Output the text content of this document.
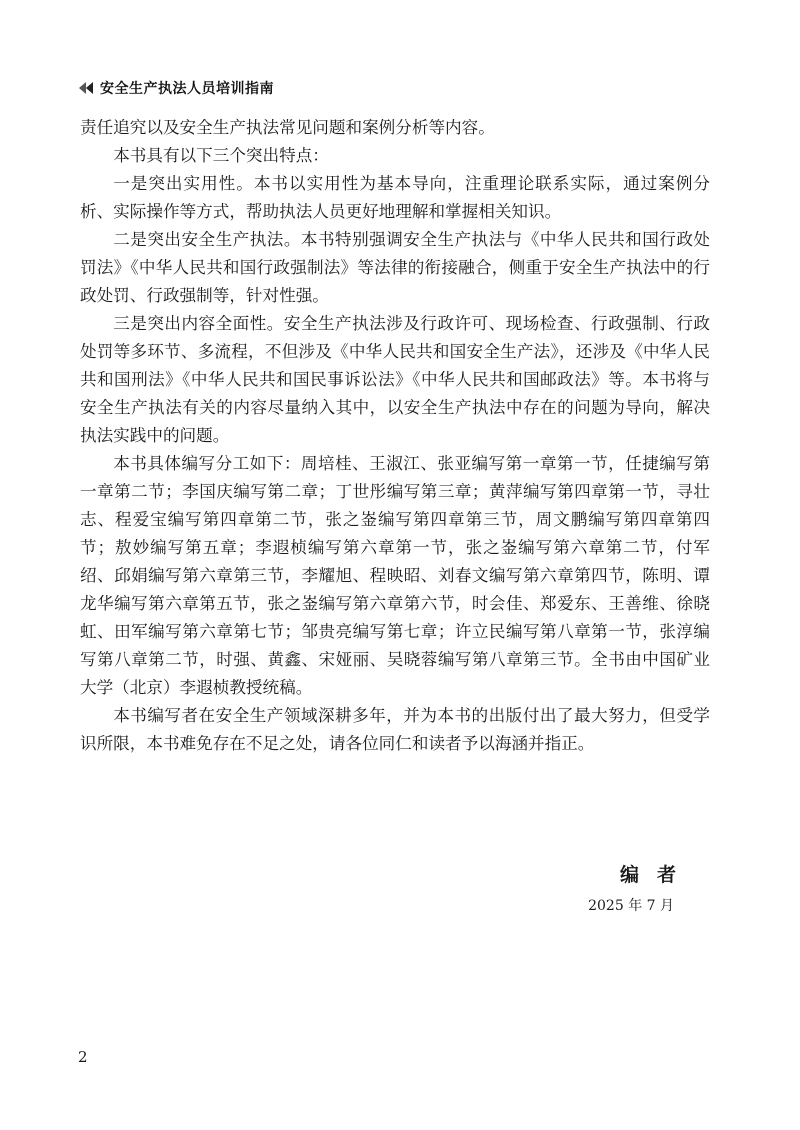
安全生产执法人员培训指南

责任追究以及安全生产执法常见问题和案例分析等内容。

本书具有以下三个突出特点：

一是突出实用性。本书以实用性为基本导向，注重理论联系实际，通过案例分析、实际操作等方式，帮助执法人员更好地理解和掌握相关知识。

二是突出安全生产执法。本书特别强调安全生产执法与《中华人民共和国行政处罚法》《中华人民共和国行政强制法》等法律的衔接融合，侧重于安全生产执法中的行政处罚、行政强制等，针对性强。

三是突出内容全面性。安全生产执法涉及行政许可、现场检查、行政强制、行政处罚等多环节、多流程，不但涉及《中华人民共和国安全生产法》，还涉及《中华人民共和国刑法》《中华人民共和国民事诉讼法》《中华人民共和国邮政法》等。本书将与安全生产执法有关的内容尽量纳入其中，以安全生产执法中存在的问题为导向，解决执法实践中的问题。

本书具体编写分工如下：周培桂、王淑江、张亚编写第一章第一节，任捷编写第一章第二节；李国庆编写第二章；丁世彤编写第三章；黄萍编写第四章第一节，寻壮志、程爱宝编写第四章第二节，张之崟编写第四章第三节，周文鹏编写第四章第四节；敖妙编写第五章；李遐桢编写第六章第一节，张之崟编写第六章第二节，付军绍、邱娟编写第六章第三节，李耀旭、程映昭、刘春文编写第六章第四节，陈明、谭龙华编写第六章第五节，张之崟编写第六章第六节，时会佳、郑爱东、王善维、徐晓虹、田军编写第六章第七节；邹贵亮编写第七章；许立民编写第八章第一节，张淳编写第八章第二节，时强、黄鑫、宋娅丽、吴晓蓉编写第八章第三节。全书由中国矿业大学（北京）李遐桢教授统稿。

本书编写者在安全生产领域深耕多年，并为本书的出版付出了最大努力，但受学识所限，本书难免存在不足之处，请各位同仁和读者予以海涵并指正。

编者
2025 年 7 月
2
